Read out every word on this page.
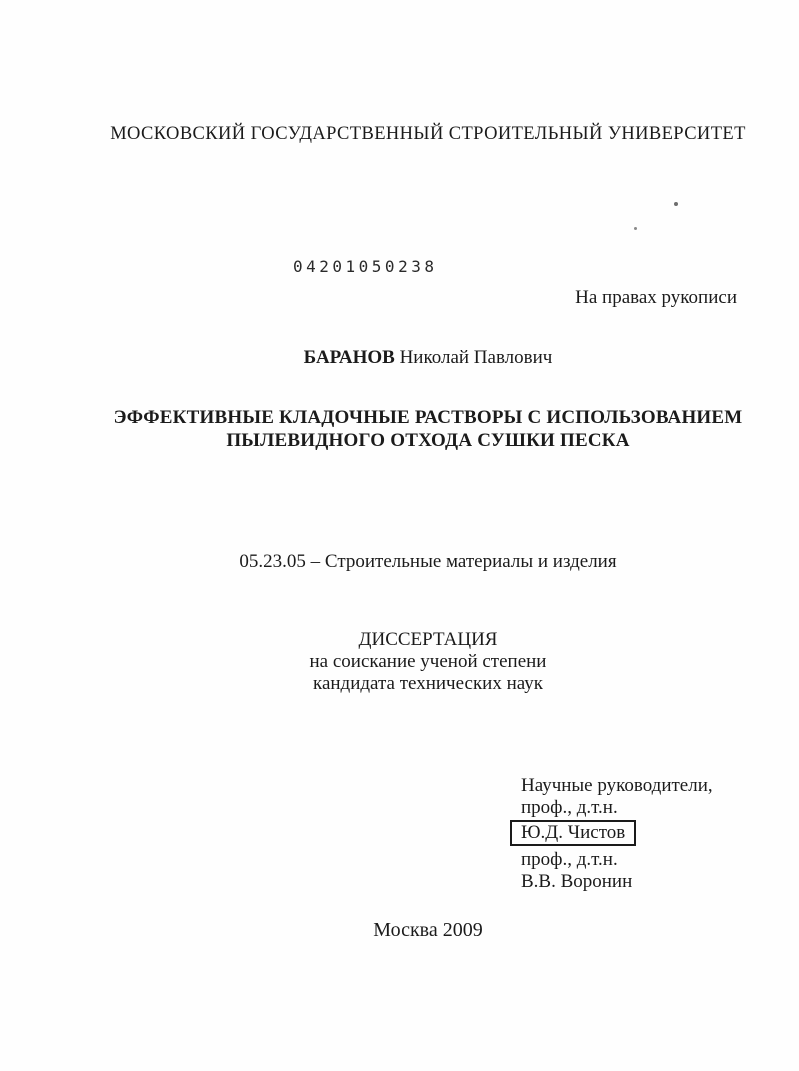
МОСКОВСКИЙ ГОСУДАРСТВЕННЫЙ СТРОИТЕЛЬНЫЙ УНИВЕРСИТЕТ
04201050238
На правах рукописи
БАРАНОВ Николай Павлович
ЭФФЕКТИВНЫЕ КЛАДОЧНЫЕ РАСТВОРЫ С ИСПОЛЬЗОВАНИЕМ
ПЫЛЕВИДНОГО ОТХОДА СУШКИ ПЕСКА
05.23.05 – Строительные материалы и изделия
ДИССЕРТАЦИЯ
на соискание ученой степени
кандидата технических наук
Научные руководители,
проф., д.т.н.
Ю.Д. Чистов
проф., д.т.н.
В.В. Воронин
Москва 2009
